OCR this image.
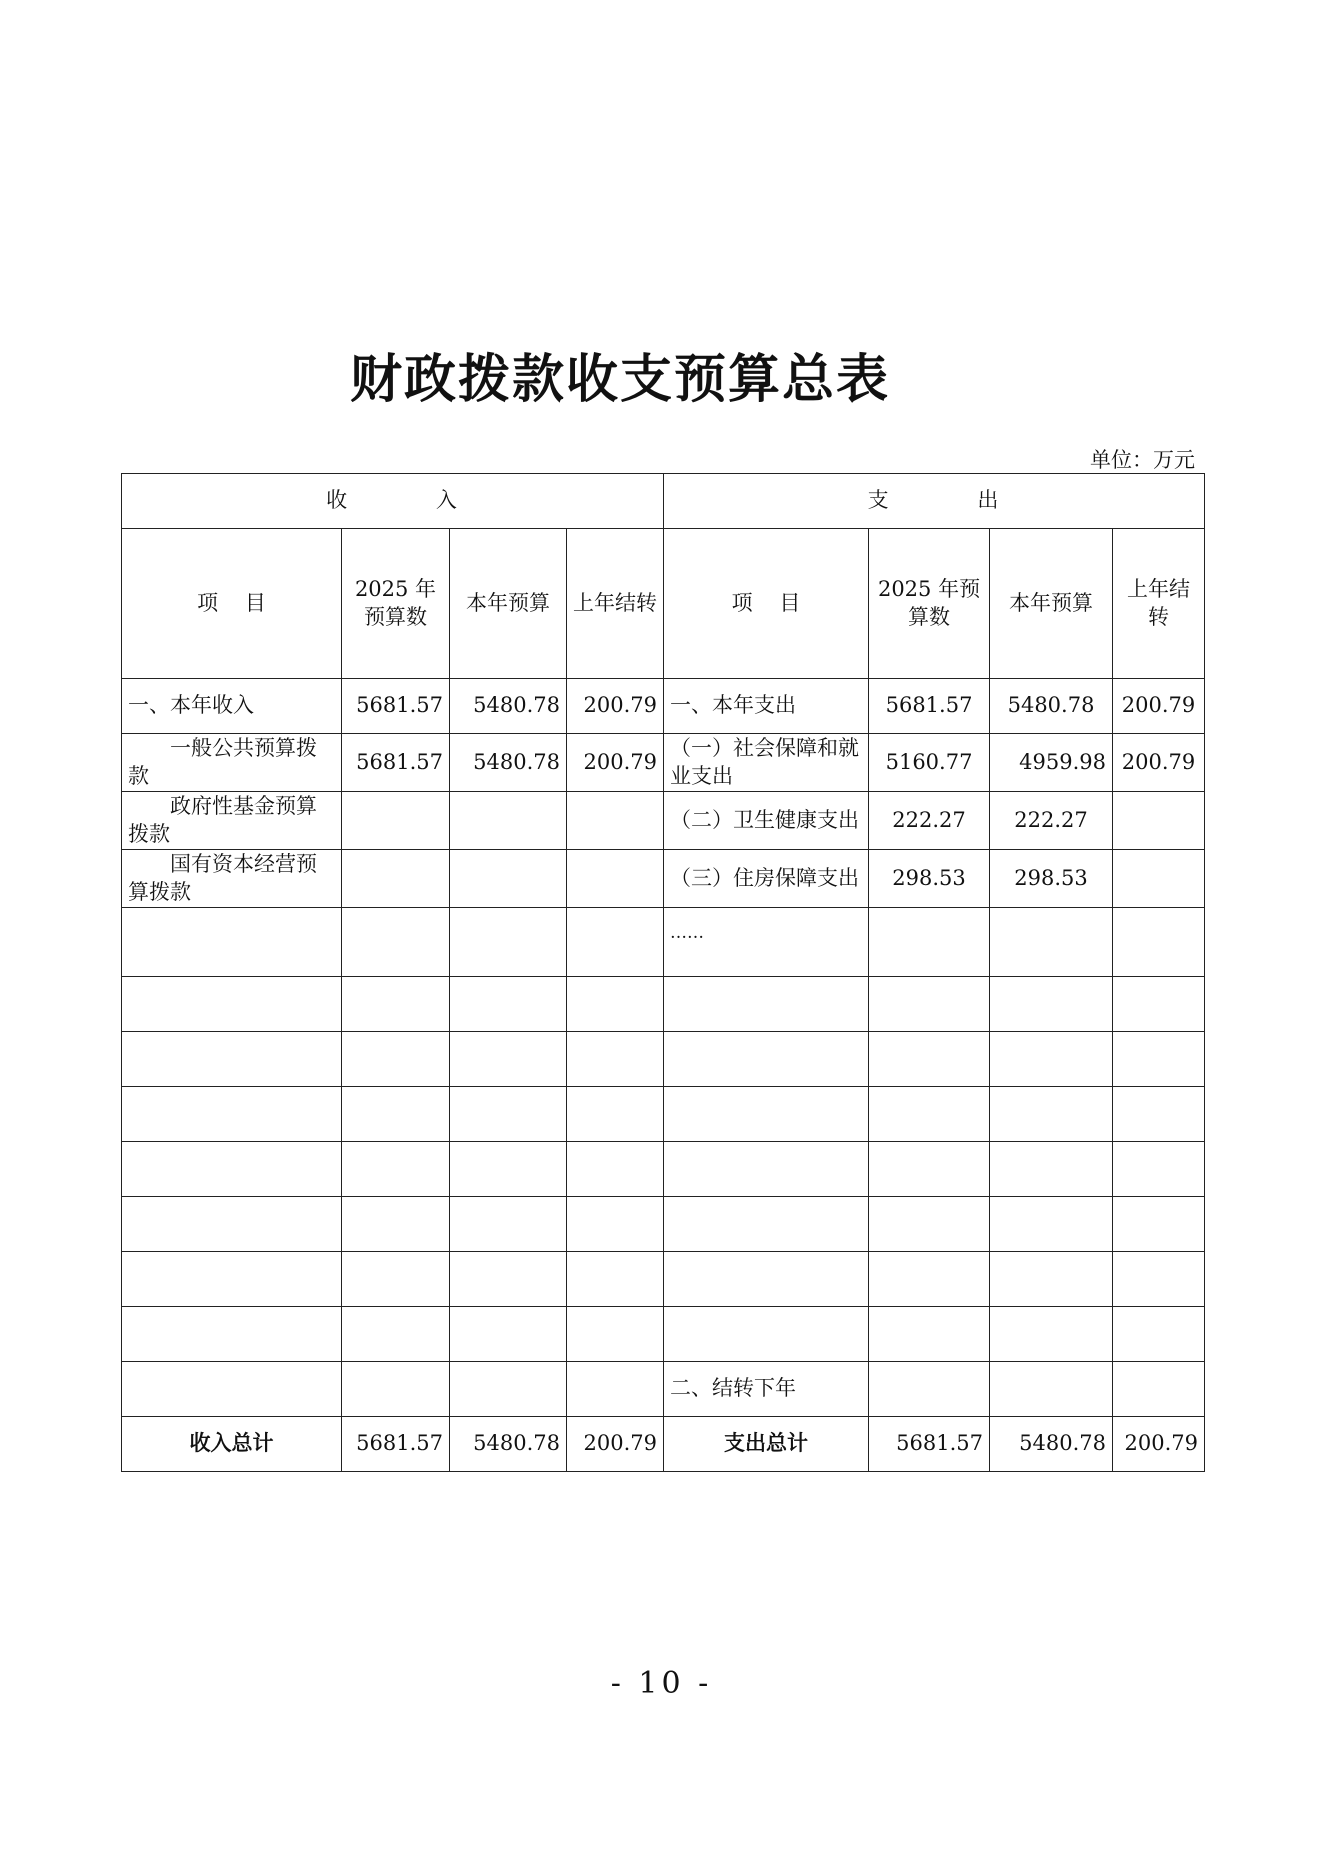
财政拨款收支预算总表
单位：万元
收          入				支          出			
项    目	2025 年预算数	本年预算	上年结转	项    目	2025 年预算数	本年预算	上年结转
一、本年收入	5681.57	5480.78	200.79	一、本年支出	5681.57	5480.78	200.79
一般公共预算拨款	5681.57	5480.78	200.79	（一）社会保障和就业支出	5160.77	4959.98	200.79
政府性基金预算拨款				（二）卫生健康支出	222.27	222.27	
国有资本经营预算拨款				（三）住房保障支出	298.53	298.53	
				……			

				二、结转下年			
收入总计	5681.57	5480.78	200.79	支出总计	5681.57	5480.78	200.79
- 10 -
